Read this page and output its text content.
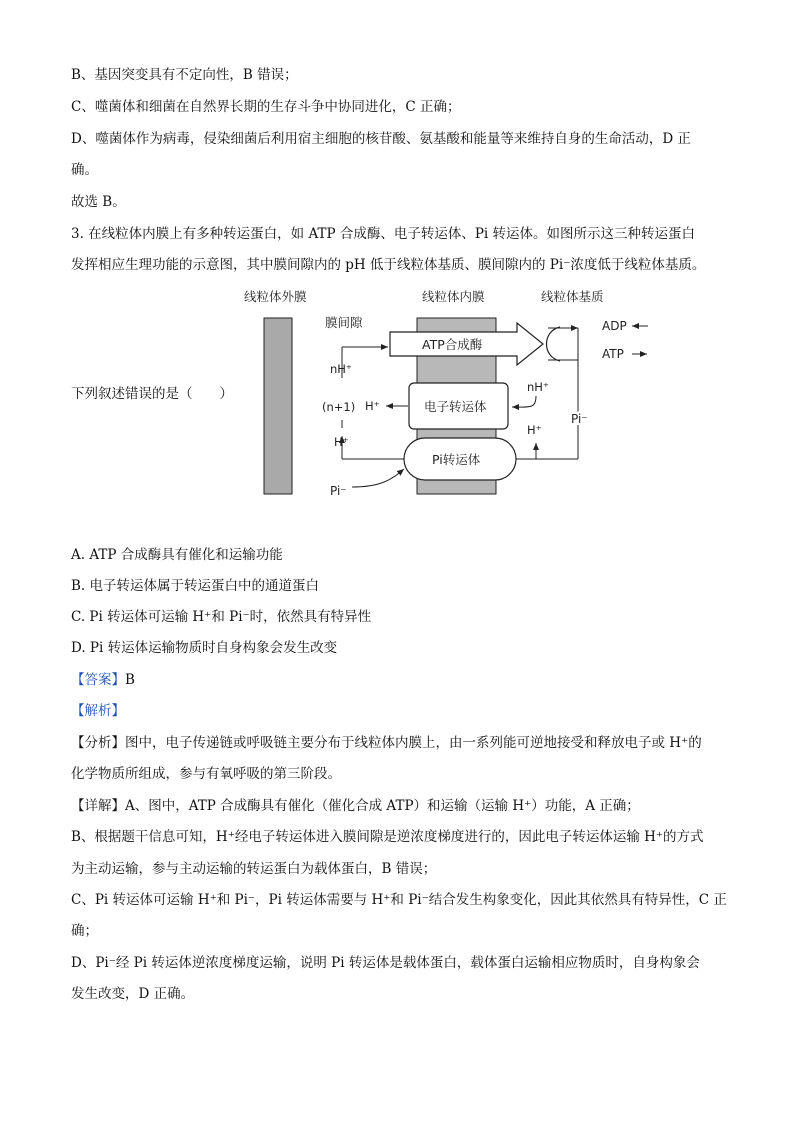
B、基因突变具有不定向性，B 错误；
C、噬菌体和细菌在自然界长期的生存斗争中协同进化，C 正确；
D、噬菌体作为病毒，侵染细菌后利用宿主细胞的核苷酸、氨基酸和能量等来维持自身的生命活动，D 正
确。
故选 B。
3. 在线粒体内膜上有多种转运蛋白，如 ATP 合成酶、电子转运体、Pi 转运体。如图所示这三种转运蛋白
发挥相应生理功能的示意图，其中膜间隙内的 pH 低于线粒体基质、膜间隙内的 Pi⁻浓度低于线粒体基质。
线粒体外膜	线粒体内膜	线粒体基质
膜间隙
ATP合成酶
电子转运体
Pi转运体
ADP
ATP
Pi⁻
nH⁺
H⁺
nH⁺
(n+1) H⁺
H⁺
Pi⁻
下列叙述错误的是（　　）
A. ATP 合成酶具有催化和运输功能
B. 电子转运体属于转运蛋白中的通道蛋白
C. Pi 转运体可运输 H⁺和 Pi⁻时，依然具有特异性
D. Pi 转运体运输物质时自身构象会发生改变
【答案】B
【解析】
【分析】图中，电子传递链或呼吸链主要分布于线粒体内膜上，由一系列能可逆地接受和释放电子或 H⁺的
化学物质所组成，参与有氧呼吸的第三阶段。
【详解】A、图中，ATP 合成酶具有催化（催化合成 ATP）和运输（运输 H⁺）功能，A 正确；
B、根据题干信息可知，H⁺经电子转运体进入膜间隙是逆浓度梯度进行的，因此电子转运体运输 H⁺的方式
为主动运输，参与主动运输的转运蛋白为载体蛋白，B 错误；
C、Pi 转运体可运输 H⁺和 Pi⁻，Pi 转运体需要与 H⁺和 Pi⁻结合发生构象变化，因此其依然具有特异性，C 正
确；
D、Pi⁻经 Pi 转运体逆浓度梯度运输，说明 Pi 转运体是载体蛋白，载体蛋白运输相应物质时，自身构象会
发生改变，D 正确。
